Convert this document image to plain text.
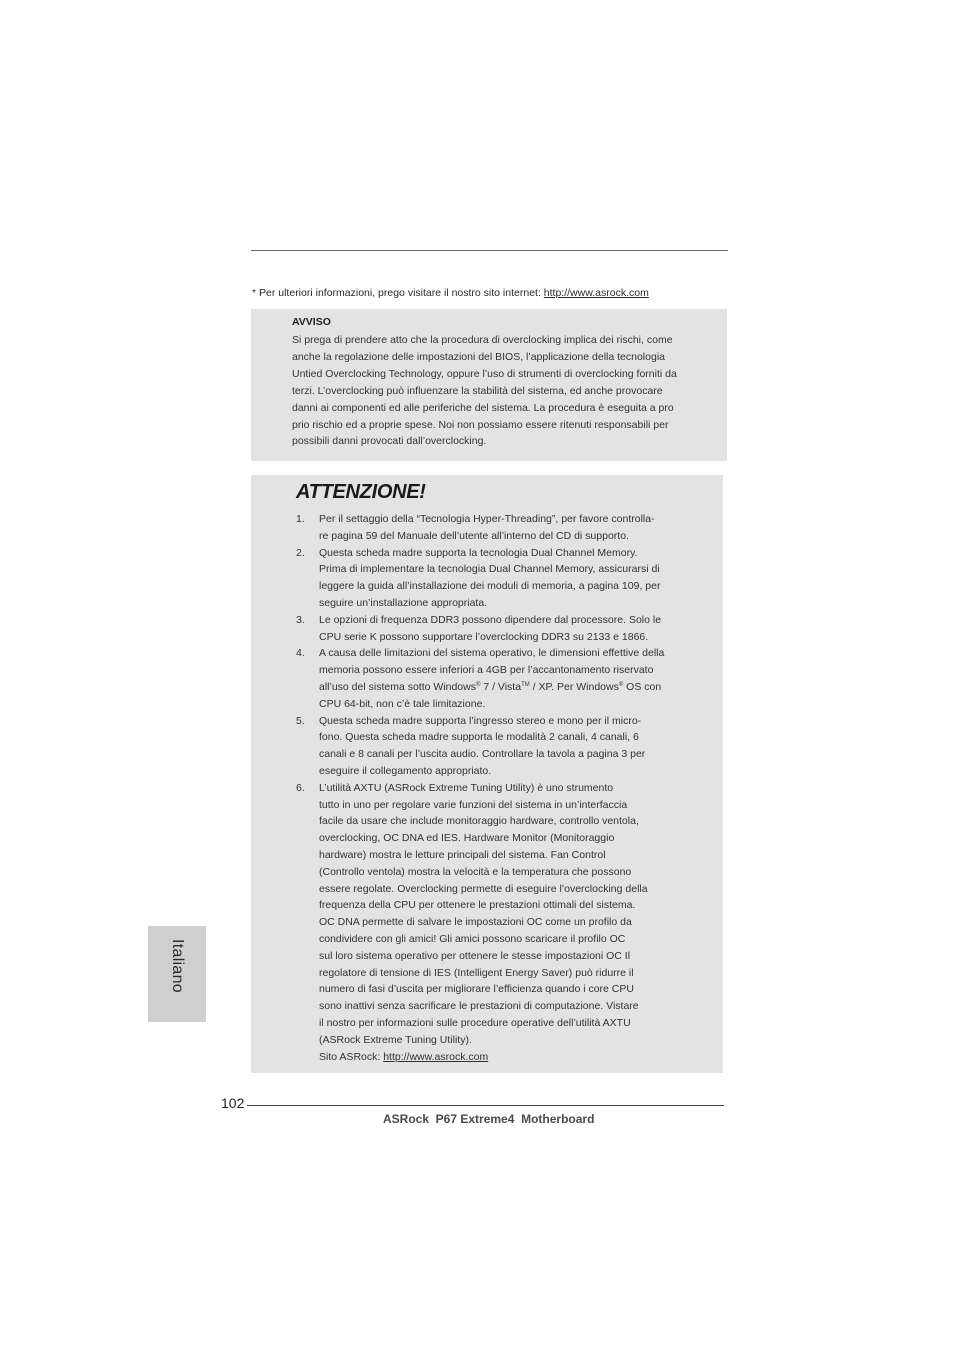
* Per ulteriori informazioni, prego visitare il nostro sito internet: http://www.asrock.com
AVVISO
Si prega di prendere atto che la procedura di overclocking implica dei rischi, come
anche la regolazione delle impostazioni del BIOS, l’applicazione della tecnologia
Untied Overclocking Technology, oppure l’uso di strumenti di overclocking forniti da
terzi. L’overclocking può influenzare la stabilità del sistema, ed anche provocare
danni ai componenti ed alle periferiche del sistema. La procedura è eseguita a pro
prio rischio ed a proprie spese. Noi non possiamo essere ritenuti responsabili per
possibili danni provocati dall’overclocking.
ATTENZIONE!
1. Per il settaggio della “Tecnologia Hyper-Threading”, per favore controlla-
re pagina 59 del Manuale dell’utente all’interno del CD di supporto.
2. Questa scheda madre supporta la tecnologia Dual Channel Memory.
Prima di implementare la tecnologia Dual Channel Memory, assicurarsi di
leggere la guida all’installazione dei moduli di memoria, a pagina 109, per
seguire un’installazione appropriata.
3. Le opzioni di frequenza DDR3 possono dipendere dal processore. Solo le
CPU serie K possono supportare l’overclocking DDR3 su 2133 e 1866.
4. A causa delle limitazioni del sistema operativo, le dimensioni effettive della
memoria possono essere inferiori a 4GB per l’accantonamento riservato
all’uso del sistema sotto Windows® 7 / Vista™ / XP. Per Windows® OS con
CPU 64-bit, non c’è tale limitazione.
5. Questa scheda madre supporta l’ingresso stereo e mono per il micro-
fono. Questa scheda madre supporta le modalità 2 canali, 4 canali, 6
canali e 8 canali per l’uscita audio. Controllare la tavola a pagina 3 per
eseguire il collegamento appropriato.
6. L’utilità AXTU (ASRock Extreme Tuning Utility) è uno strumento
tutto in uno per regolare varie funzioni del sistema in un’interfaccia
facile da usare che include monitoraggio hardware, controllo ventola,
overclocking, OC DNA ed IES. Hardware Monitor (Monitoraggio
hardware) mostra le letture principali del sistema. Fan Control
(Controllo ventola) mostra la velocità e la temperatura che possono
essere regolate. Overclocking permette di eseguire l’overclocking della
frequenza della CPU per ottenere le prestazioni ottimali del sistema.
OC DNA permette di salvare le impostazioni OC come un profilo da
condividere con gli amici! Gli amici possono scaricare il profilo OC
sul loro sistema operativo per ottenere le stesse impostazioni OC Il
regolatore di tensione di IES (Intelligent Energy Saver) può ridurre il
numero di fasi d’uscita per migliorare l’efficienza quando i core CPU
sono inattivi senza sacrificare le prestazioni di computazione. Vistare
il nostro per informazioni sulle procedure operative dell’utilità AXTU
(ASRock Extreme Tuning Utility).
Sito ASRock: http://www.asrock.com
Italiano
102
ASRock  P67 Extreme4  Motherboard
